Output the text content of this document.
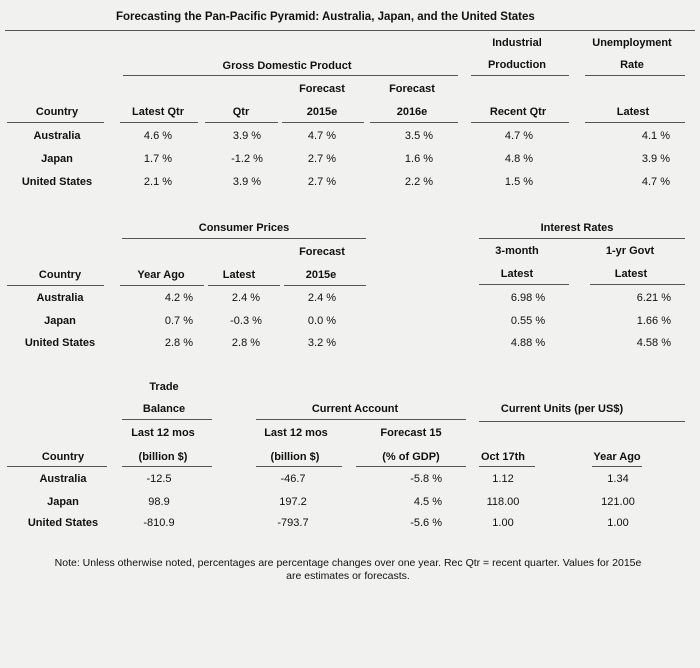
Forecasting the Pan-Pacific Pyramid: Australia, Japan, and the United States
Industrial	Unemployment
Gross Domestic Product	Production	Rate
Forecast	Forecast
Country	Latest Qtr	Qtr	2015e	2016e	Recent Qtr	Latest
Australia	4.6 %	3.9 %	4.7 %	3.5 %	4.7 %	4.1 %
Japan	1.7 %	-1.2 %	2.7 %	1.6 %	4.8 %	3.9 %
United States	2.1 %	3.9 %	2.7 %	2.2 %	1.5 %	4.7 %
Consumer Prices	Interest Rates
Forecast	3-month	1-yr Govt
Country	Year Ago	Latest	2015e	Latest	Latest
Australia	4.2 %	2.4 %	2.4 %	6.98 %	6.21 %
Japan	0.7 %	-0.3 %	0.0 %	0.55 %	1.66 %
United States	2.8 %	2.8 %	3.2 %	4.88 %	4.58 %
Trade
Balance	Current Account	Current Units (per US$)
Last 12 mos	Last 12 mos	Forecast 15
Country	(billion $)	(billion $)	(% of GDP)	Oct 17th	Year Ago
Australia	-12.5	-46.7	-5.8 %	1.12	1.34
Japan	98.9	197.2	4.5 %	118.00	121.00
United States	-810.9	-793.7	-5.6 %	1.00	1.00
Note: Unless otherwise noted, percentages are percentage changes over one year. Rec Qtr = recent quarter. Values for 2015e
are estimates or forecasts.
